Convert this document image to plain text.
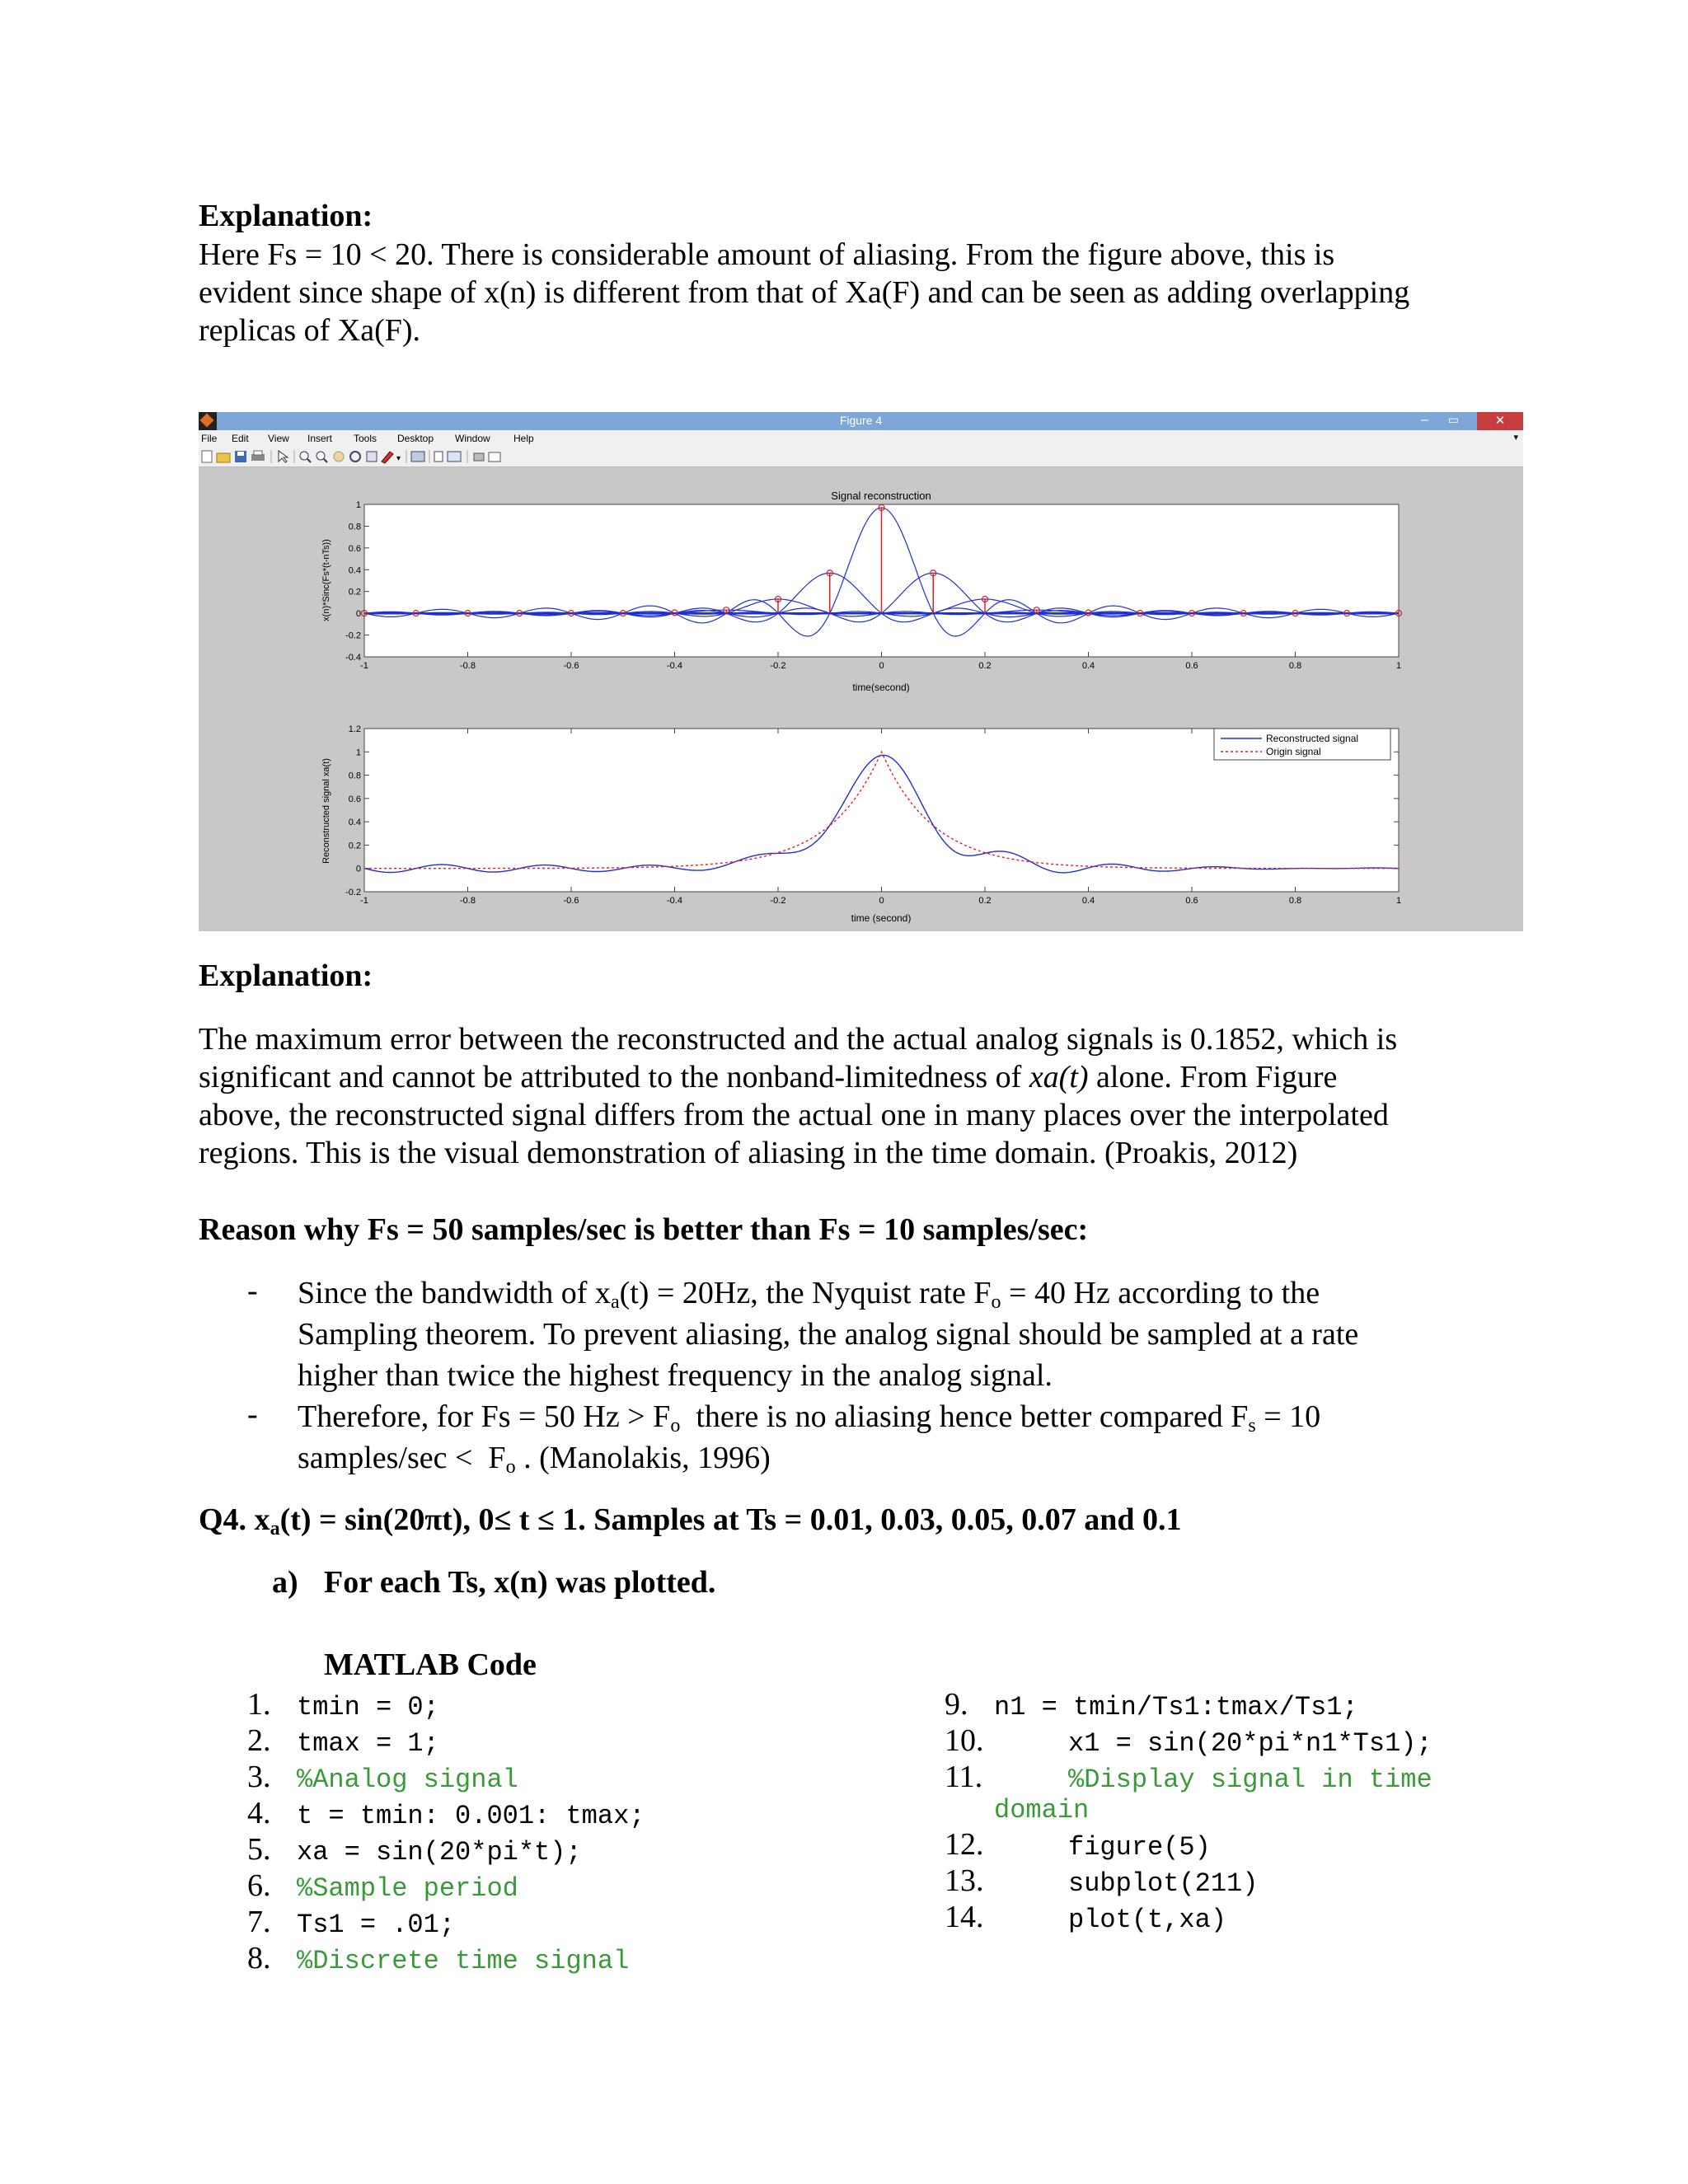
Explanation:
Here Fs = 10 < 20. There is considerable amount of aliasing. From the figure above, this is
evident since shape of x(n) is different from that of Xa(F) and can be seen as adding overlapping
replicas of Xa(F).
Figure 4	– ▭	✕
File Edit View Insert Tools Desktop Window Help	▾
▾
-1	-0.8	-0.6	-0.4	-0.2	0	0.2	0.4	0.6	0.8	1
-0.4
-0.2
0
0.2
0.4
0.6
0.8
1
Signal reconstruction
time(second)
x(n)*Sinc(Fs*(t-nTs))
-1	-0.8	-0.6	-0.4	-0.2	0	0.2	0.4	0.6	0.8	1
-0.2
0
0.2
0.4
0.6
0.8
1
1.2
time (second)
Reconstructed signal xa(t)
Reconstructed signal
Origin signal
Explanation:
The maximum error between the reconstructed and the actual analog signals is 0.1852, which is
significant and cannot be attributed to the nonband-limitedness of xa(t) alone. From Figure
above, the reconstructed signal differs from the actual one in many places over the interpolated
regions. This is the visual demonstration of aliasing in the time domain. (Proakis, 2012)
Reason why Fs = 50 samples/sec is better than Fs = 10 samples/sec:
- Since the bandwidth of $x_a(t) = 20Hz$, the Nyquist rate $F_o = 40$ Hz according to the
Sampling theorem. To prevent aliasing, the analog signal should be sampled at a rate
higher than twice the highest frequency in the analog signal.
- Therefore, for Fs = 50 $Hz > F_o$  there is no aliasing hence better compared $F_s = 10$
samples/sec <  $F_o$ . (Manolakis, 1996)
Q4. $x_a(t) = \sin(20\pi t)$, 0≤ t ≤ 1. Samples at Ts = 0.01, 0.03, 0.05, 0.07 and 0.1
a) For each Ts, x(n) was plotted.
MATLAB Code
1. tmin = 0;
2. tmax = 1;
3. %Analog signal
4. t = tmin: 0.001: tmax;
5. xa = sin(20*pi*t);
6. %Sample period
7. Ts1 = .01;
8. %Discrete time signal
9. n1 = tmin/Ts1:tmax/Ts1;
10.	x1 = sin(20*pi*n1*Ts1);
11.	%Display signal in time
domain
12.	figure(5)
13.	subplot(211)
14.	plot(t,xa)
